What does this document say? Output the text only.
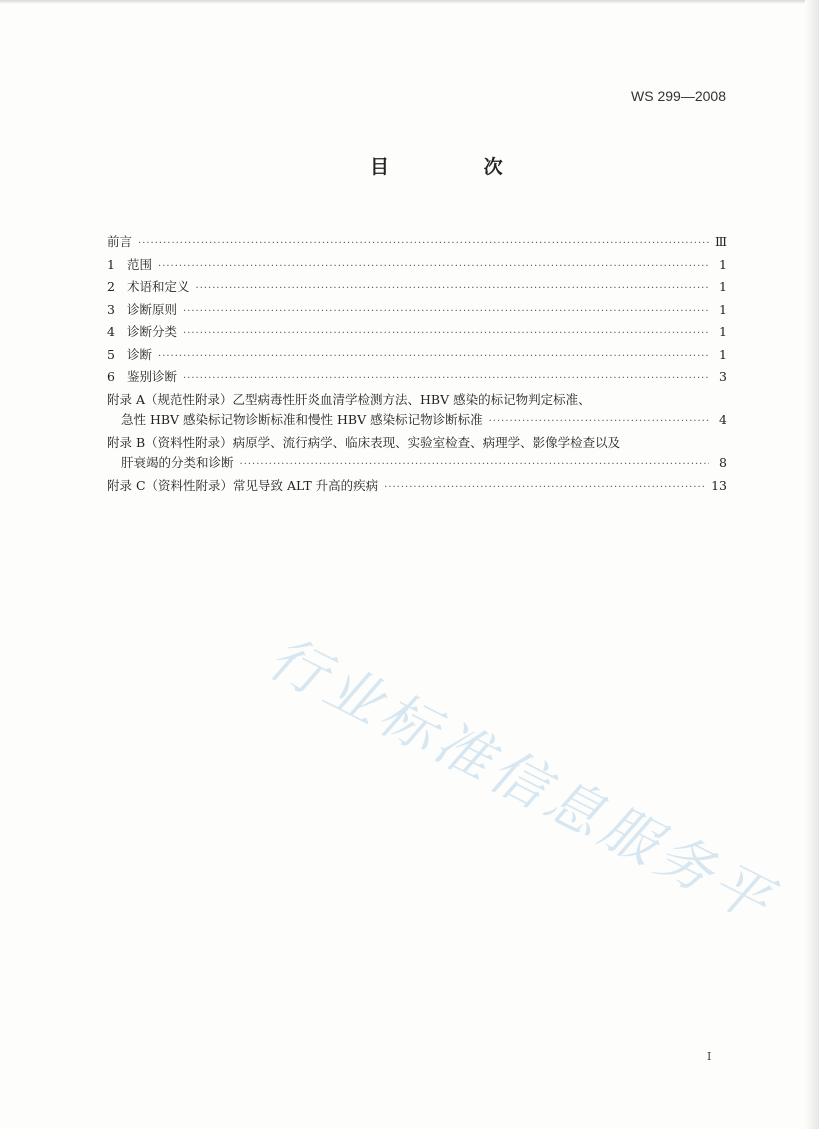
WS 299—2008
目 次
前言 ·····	Ⅲ
1 范围 ·····	1
2 术语和定义 ·····	1
3 诊断原则 ·····	1
4 诊断分类 ·····	1
5 诊断 ·····	1
6 鉴别诊断 ·····	3
附录 A（规范性附录）乙型病毒性肝炎血清学检测方法、HBV 感染的标记物判定标准、
急性 HBV 感染标记物诊断标准和慢性 HBV 感染标记物诊断标准 ·····	4
附录 B（资料性附录）病原学、流行病学、临床表现、实验室检查、病理学、影像学检查以及
肝衰竭的分类和诊断 ·····	8
附录 C（资料性附录）常见导致 ALT 升高的疾病 ·····	13
行业标准信息服务平
I
